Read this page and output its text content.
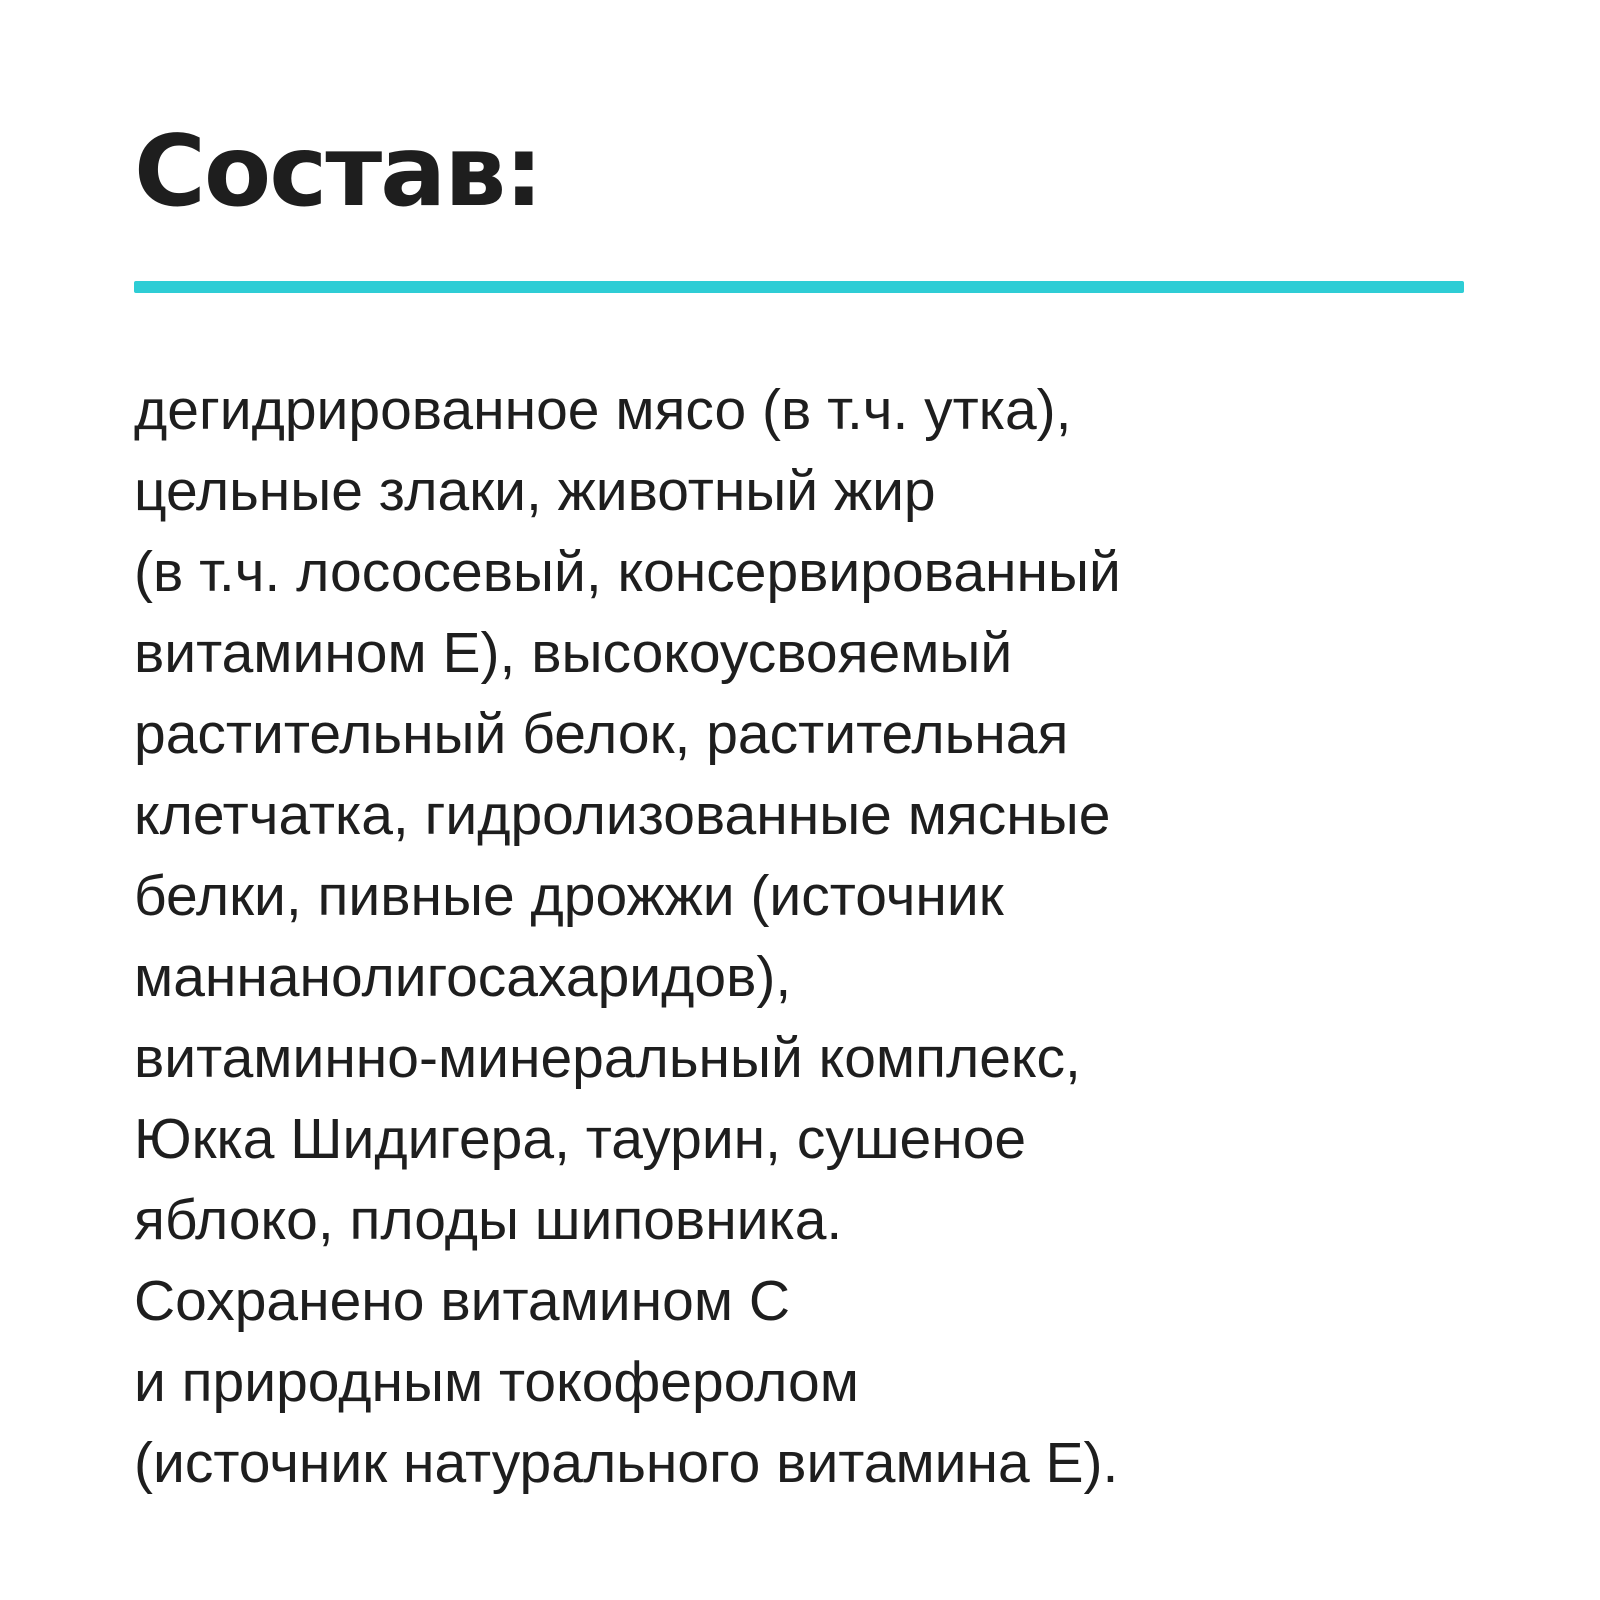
Состав:
дегидрированное мясо (в т.ч. утка),
цельные злаки, животный жир
(в т.ч. лососевый, консервированный
витамином Е), высокоусвояемый
растительный белок, растительная
клетчатка, гидролизованные мясные
белки, пивные дрожжи (источник
маннанолигосахаридов),
витаминно-минеральный комплекс,
Юкка Шидигера, таурин, сушеное
яблоко, плоды шиповника.
Сохранено витамином С
и природным токоферолом
(источник натурального витамина Е).
